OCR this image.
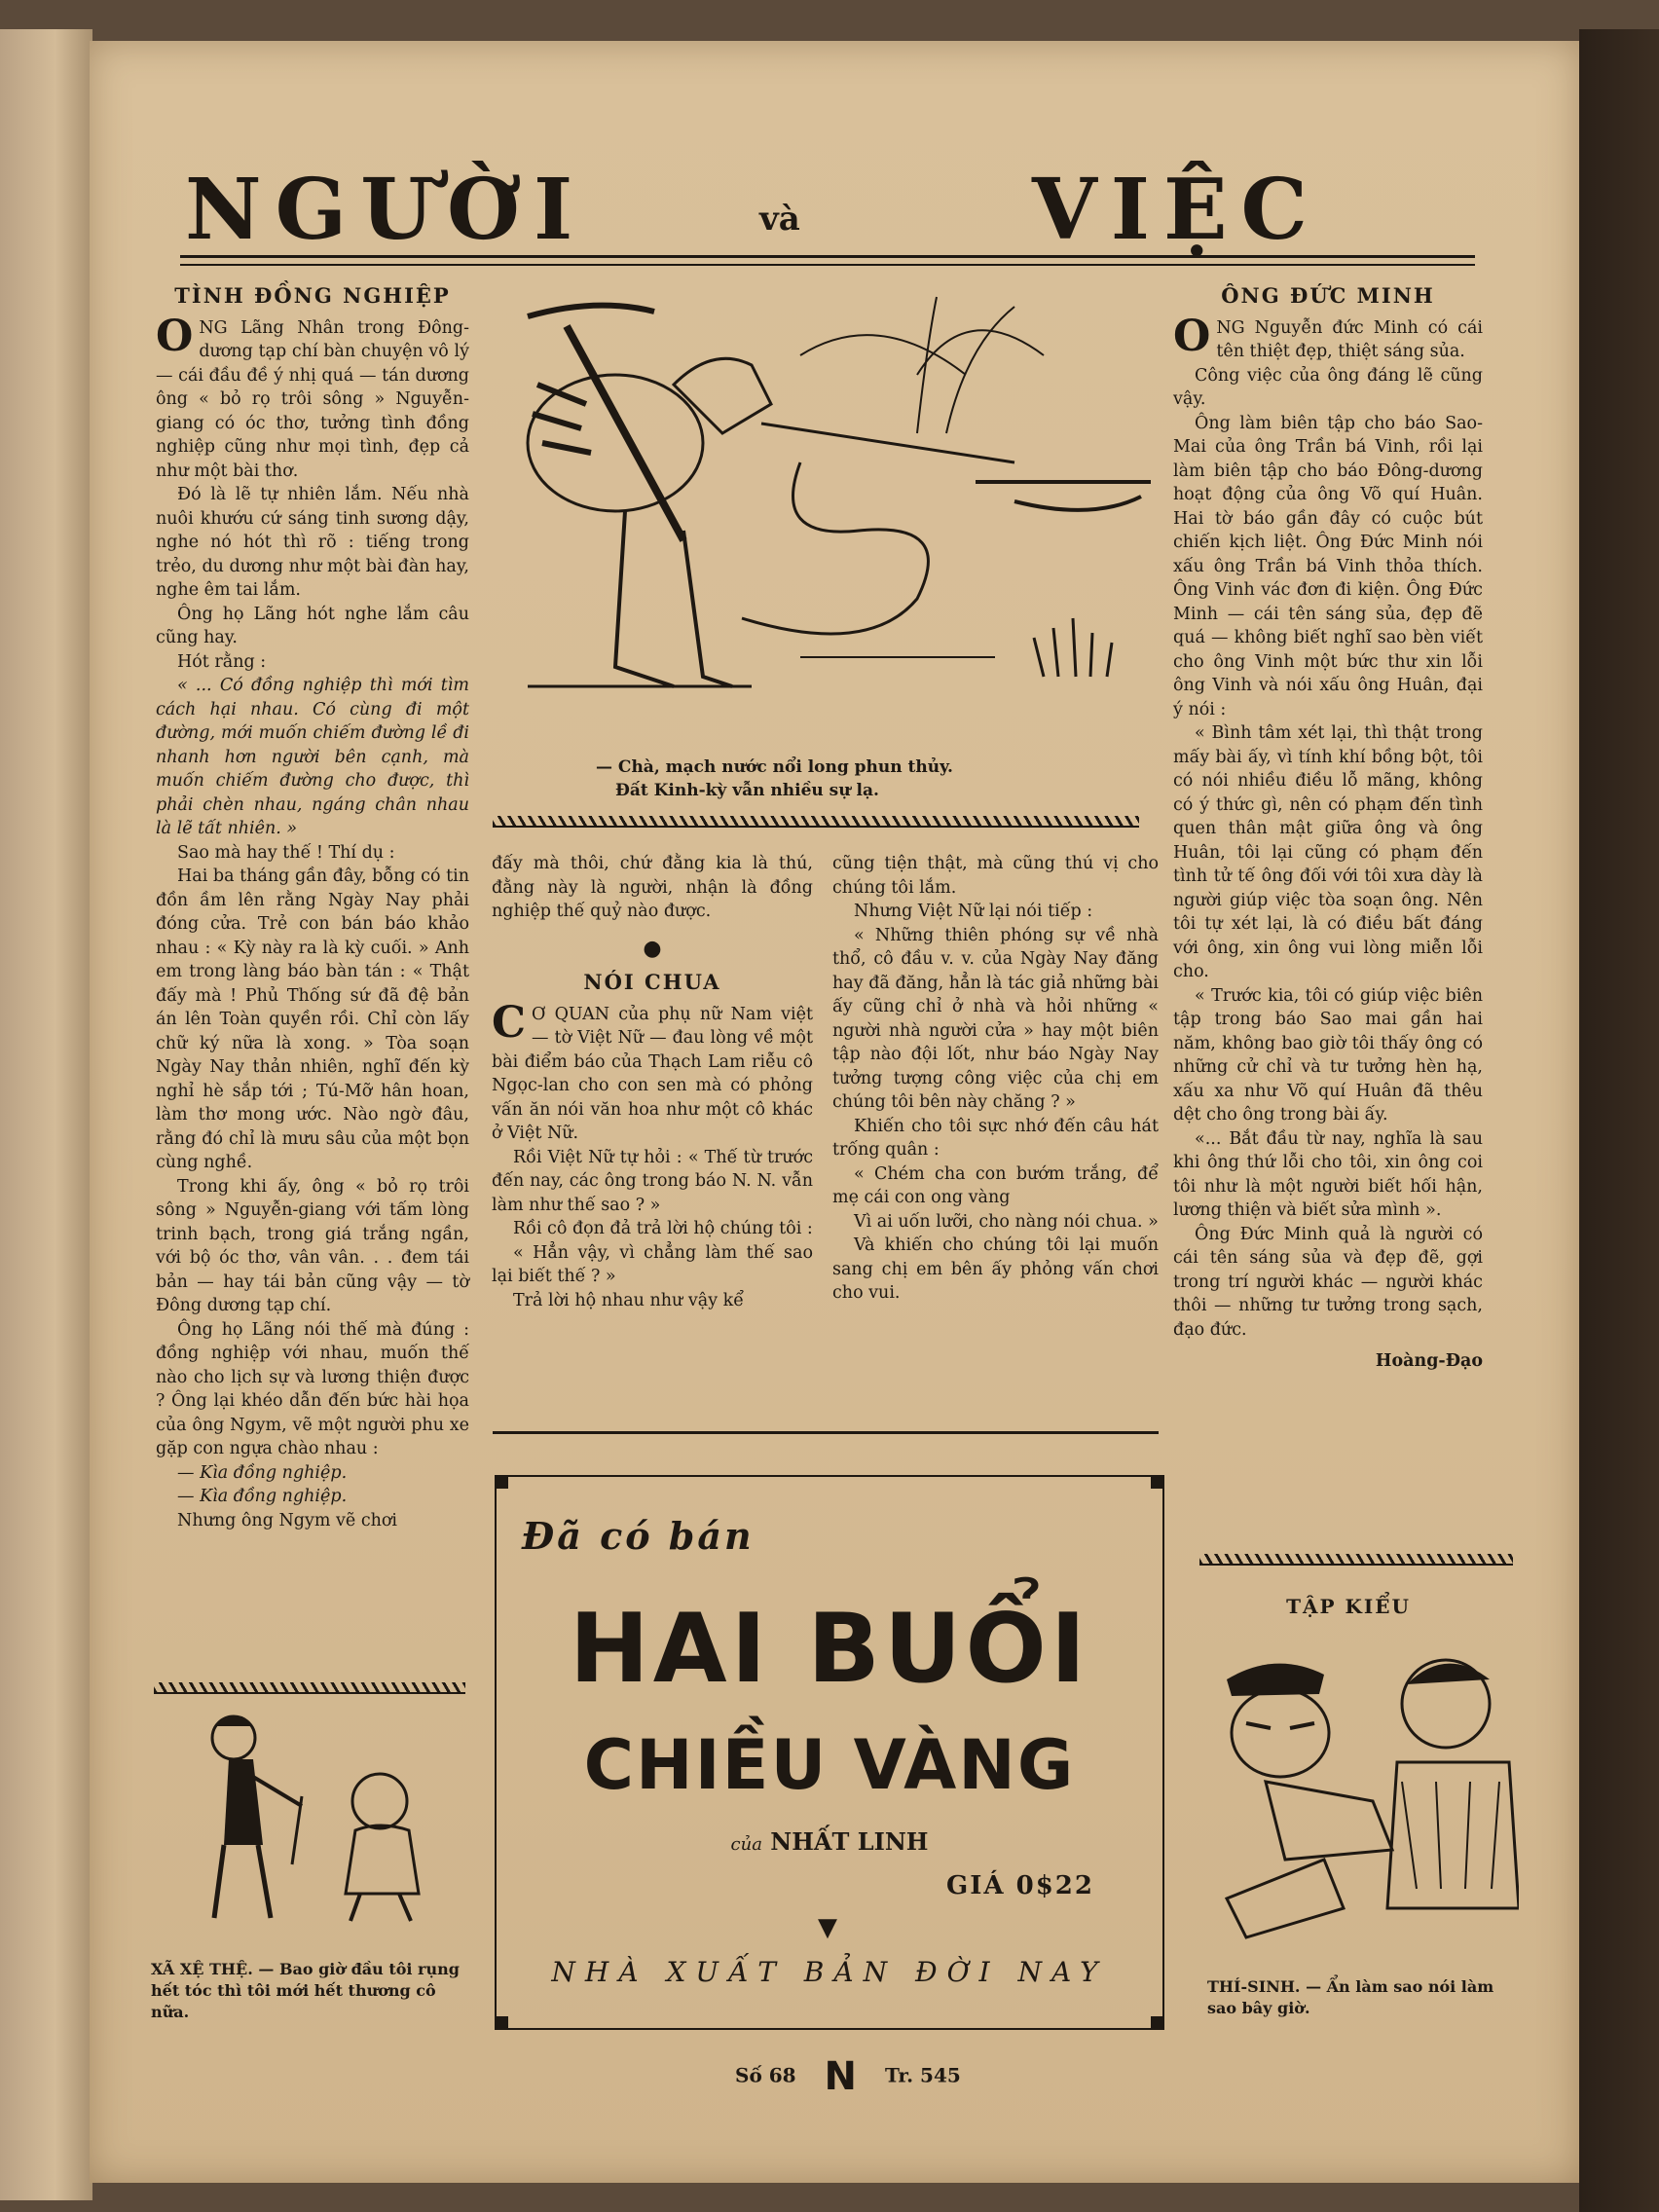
NGƯỜI	và	VIỆC
TÌNH ĐỒNG NGHIỆP

ONG Lãng Nhân trong Đông-dương tạp chí bàn chuyện vô lý — cái đầu đề ý nhị quá — tán dương ông « bỏ rọ trôi sông » Nguyễn-giang có óc thơ, tưởng tình đồng nghiệp cũng như mọi tình, đẹp cả như một bài thơ.

Đó là lẽ tự nhiên lắm. Nếu nhà nuôi khướu cứ sáng tinh sương dậy, nghe nó hót thì rõ : tiếng trong trẻo, du dương như một bài đàn hay, nghe êm tai lắm.

Ông họ Lãng hót nghe lắm câu cũng hay.

Hót rằng :

« ... Có đồng nghiệp thì mới tìm cách hại nhau. Có cùng đi một đường, mới muốn chiếm đường lề đi nhanh hơn người bên cạnh, mà muốn chiếm đường cho được, thì phải chèn nhau, ngáng chân nhau là lẽ tất nhiên. »

Sao mà hay thế ! Thí dụ :

Hai ba tháng gần đây, bỗng có tin đồn ầm lên rằng Ngày Nay phải đóng cửa. Trẻ con bán báo khảo nhau : « Kỳ này ra là kỳ cuối. » Anh em trong làng báo bàn tán : « Thật đấy mà ! Phủ Thống sứ đã đệ bản án lên Toàn quyền rồi. Chỉ còn lấy chữ ký nữa là xong. » Tòa soạn Ngày Nay thản nhiên, nghĩ đến kỳ nghỉ hè sắp tới ; Tú-Mỡ hân hoan, làm thơ mong ước. Nào ngờ đâu, rằng đó chỉ là mưu sâu của một bọn cùng nghề.

Trong khi ấy, ông « bỏ rọ trôi sông » Nguyễn-giang với tấm lòng trinh bạch, trong giá trắng ngần, với bộ óc thơ, vân vân. . . đem tái bản — hay tái bản cũng vậy — tờ Đông dương tạp chí.

Ông họ Lãng nói thế mà đúng : đồng nghiệp với nhau, muốn thế nào cho lịch sự và lương thiện được ? Ông lại khéo dẫn đến bức hài họa của ông Ngym, vẽ một người phu xe gặp con ngựa chào nhau :

— Kìa đồng nghiệp.

— Kìa đồng nghiệp.

Nhưng ông Ngym vẽ chơi

XÃ XỆ THỆ. — Bao giờ đầu tôi rụng hết tóc thì tôi mới hết thương cô nữa.
— Chà, mạch nước nổi long phun thủy.
Đất Kinh-kỳ vẫn nhiều sự lạ.

đấy mà thôi, chứ đằng kia là thú, đằng này là người, nhận là đồng nghiệp thế quỷ nào được.

●
NÓI CHUA

C Ơ QUAN của phụ nữ Nam việt — tờ Việt Nữ — đau lòng về một bài điểm báo của Thạch Lam riễu cô Ngọc-lan cho con sen mà có phỏng vấn ăn nói văn hoa như một cô khác ở Việt Nữ.

Rồi Việt Nữ tự hỏi : « Thế từ trước đến nay, các ông trong báo N. N. vẫn làm như thế sao ? »

Rồi cô đọn đả trả lời hộ chúng tôi :

« Hẳn vậy, vì chẳng làm thế sao lại biết thế ? »

Trả lời hộ nhau như vậy kể

cũng tiện thật, mà cũng thú vị cho chúng tôi lắm.

Nhưng Việt Nữ lại nói tiếp :

« Những thiên phóng sự về nhà thổ, cô đầu v. v. của Ngày Nay đăng hay đã đăng, hẳn là tác giả những bài ấy cũng chỉ ở nhà và hỏi những « người nhà người cửa » hay một biên tập nào đội lốt, như báo Ngày Nay tưởng tượng công việc của chị em chúng tôi bên này chăng ? »

Khiến cho tôi sực nhớ đến câu hát trống quân :

« Chém cha con bướm trắng, để mẹ cái con ong vàng

Vì ai uốn lưỡi, cho nàng nói chua. »

Và khiến cho chúng tôi lại muốn sang chị em bên ấy phỏng vấn chơi cho vui.

Đã có bán
HAI BUỔI
CHIỀU VÀNG
của NHẤT LINH
GIÁ 0$22
▼
NHÀ XUẤT BẢN ĐỜI NAY
ÔNG ĐỨC MINH

ONG Nguyễn đức Minh có cái tên thiệt đẹp, thiệt sáng sủa.

Công việc của ông đáng lẽ cũng vậy.

Ông làm biên tập cho báo Sao-Mai của ông Trần bá Vinh, rồi lại làm biên tập cho báo Đông-dương hoạt động của ông Võ quí Huân. Hai tờ báo gần đây có cuộc bút chiến kịch liệt. Ông Đức Minh nói xấu ông Trần bá Vinh thỏa thích. Ông Vinh vác đơn đi kiện. Ông Đức Minh — cái tên sáng sủa, đẹp đẽ quá — không biết nghĩ sao bèn viết cho ông Vinh một bức thư xin lỗi ông Vinh và nói xấu ông Huân, đại ý nói :

« Bình tâm xét lại, thì thật trong mấy bài ấy, vì tính khí bồng bột, tôi có nói nhiều điều lỗ mãng, không có ý thức gì, nên có phạm đến tình quen thân mật giữa ông và ông Huân, tôi lại cũng có phạm đến tình tử tế ông đối với tôi xưa dày là người giúp việc tòa soạn ông. Nên tôi tự xét lại, là có điều bất đáng với ông, xin ông vui lòng miễn lỗi cho.

« Trước kia, tôi có giúp việc biên tập trong báo Sao mai gần hai năm, không bao giờ tôi thấy ông có những cử chỉ và tư tưởng hèn hạ, xấu xa như Võ quí Huân đã thêu dệt cho ông trong bài ấy.

«... Bắt đầu từ nay, nghĩa là sau khi ông thứ lỗi cho tôi, xin ông coi tôi như là một người biết hối hận, lương thiện và biết sửa mình ».

Ông Đức Minh quả là người có cái tên sáng sủa và đẹp đẽ, gợi trong trí người khác — người khác thôi — những tư tưởng trong sạch, đạo đức.

Hoàng-Đạo
TẬP KIỂU
THÍ-SINH. — Ẩn làm sao nói làm sao bây giờ.
Số 68 N Tr. 545
